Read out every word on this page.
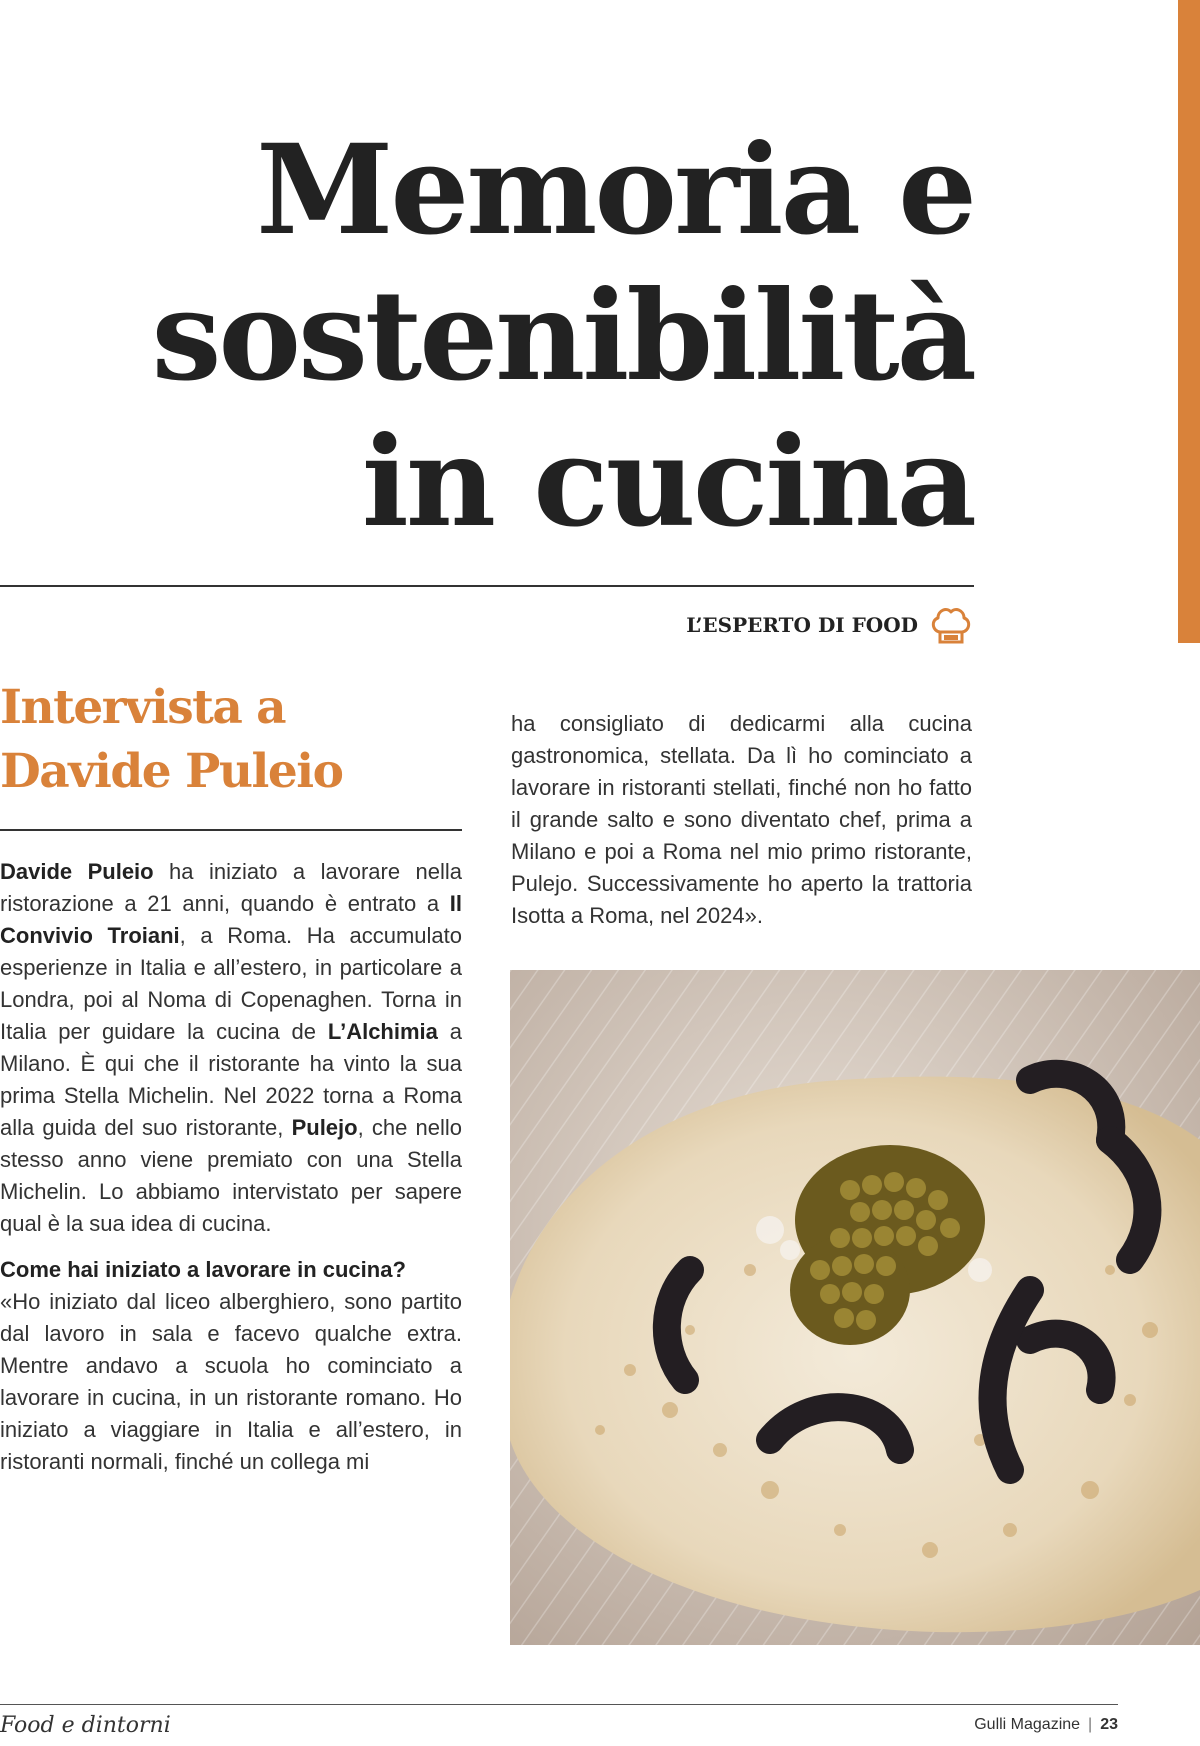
Memoria e
sostenibilità
in cucina
L’ESPERTO DI FOOD
Intervista a
Davide Puleio

Davide Puleio ha iniziato a lavorare nella ristorazione a 21 anni, quando è entrato a Il Convivio Troiani, a Roma. Ha accumulato esperienze in Italia e all’estero, in particolare a Londra, poi al Noma di Copenaghen. Torna in Italia per guidare la cucina de L’Alchimia a Milano. È qui che il ristorante ha vinto la sua prima Stella Michelin. Nel 2022 torna a Roma alla guida del suo ristorante, Pulejo, che nello stesso anno viene premiato con una Stella Michelin. Lo abbiamo intervistato per sapere qual è la sua idea di cucina.

Come hai iniziato a lavorare in cucina?

«Ho iniziato dal liceo alberghiero, sono partito dal lavoro in sala e facevo qualche extra. Mentre andavo a scuola ho cominciato a lavorare in cucina, in un ristorante romano. Ho iniziato a viaggiare in Italia e all’estero, in ristoranti normali, finché un collega mi

ha consigliato di dedicarmi alla cucina gastronomica, stellata. Da lì ho cominciato a lavorare in ristoranti stellati, finché non ho fatto il grande salto e sono diventato chef, prima a Milano e poi a Roma nel mio primo ristorante, Pulejo. Successivamente ho aperto la trattoria Isotta a Roma, nel 2024».

Food e dintorni	Gulli Magazine | 23
